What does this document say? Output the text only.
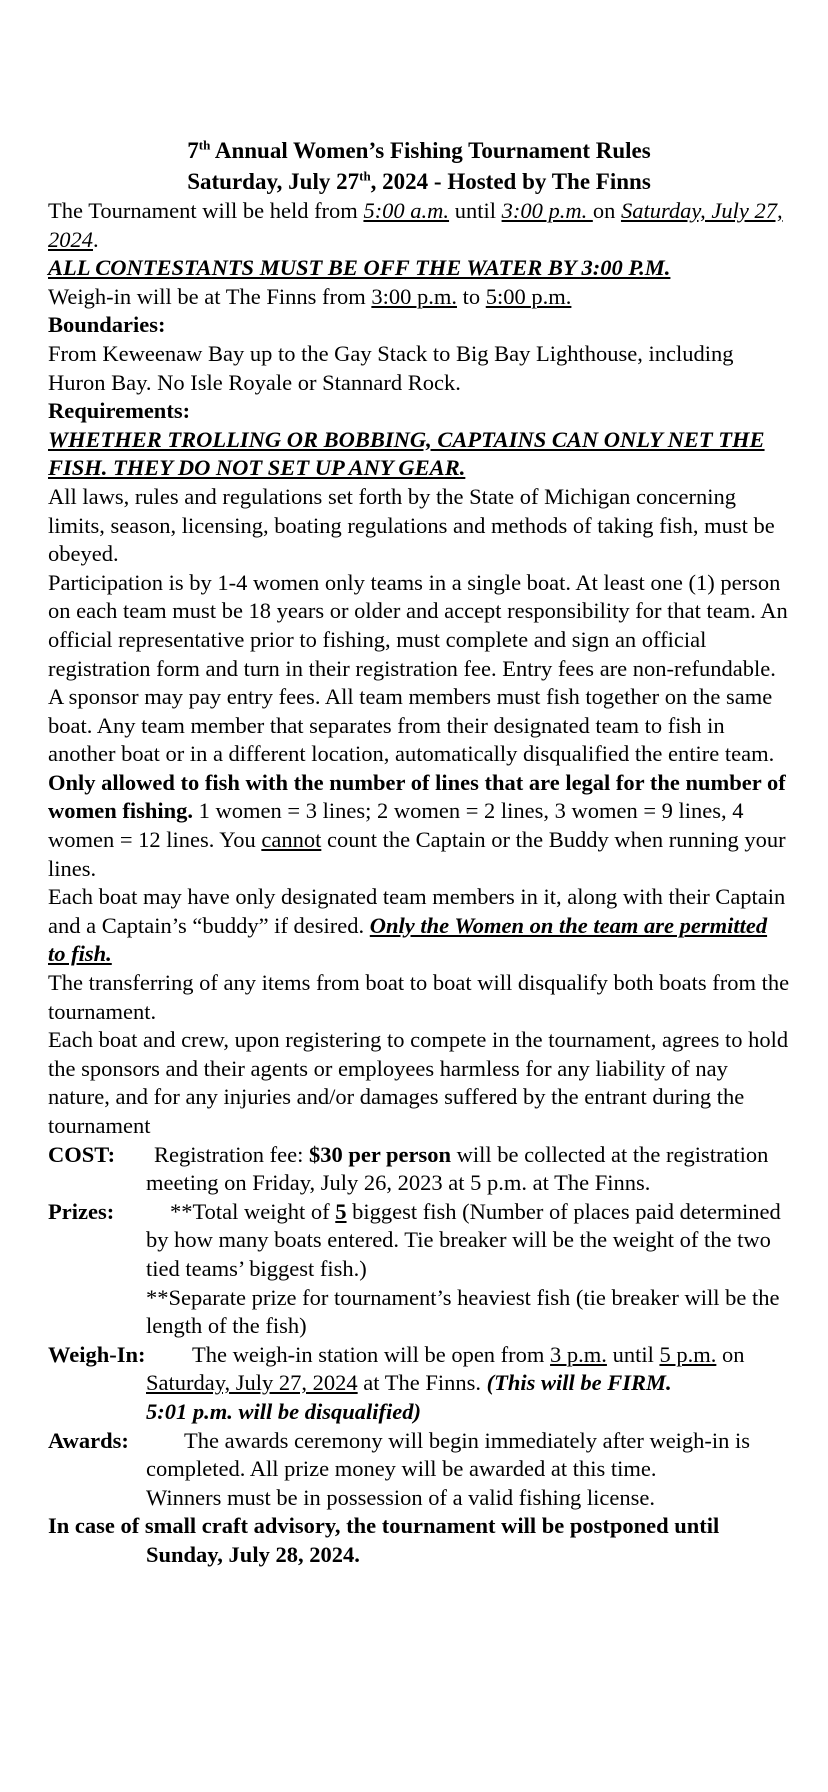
7th Annual Women’s Fishing Tournament Rules
Saturday, July 27th, 2024 - Hosted by The Finns

The Tournament will be held from 5:00 a.m. until 3:00 p.m. on Saturday, July 27, 2024.

ALL CONTESTANTS MUST BE OFF THE WATER BY 3:00 P.M.

Weigh-in will be at The Finns from 3:00 p.m. to 5:00 p.m.

Boundaries:

From Keweenaw Bay up to the Gay Stack to Big Bay Lighthouse, including Huron Bay. No Isle Royale or Stannard Rock.

Requirements:

WHETHER TROLLING OR BOBBING, CAPTAINS CAN ONLY NET THE FISH. THEY DO NOT SET UP ANY GEAR.

All laws, rules and regulations set forth by the State of Michigan concerning limits, season, licensing, boating regulations and methods of taking fish, must be obeyed.

Participation is by 1-4 women only teams in a single boat. At least one (1) person on each team must be 18 years or older and accept responsibility for that team. An official representative prior to fishing, must complete and sign an official registration form and turn in their registration fee. Entry fees are non-refundable. A sponsor may pay entry fees. All team members must fish together on the same boat. Any team member that separates from their designated team to fish in another boat or in a different location, automatically disqualified the entire team.

Only allowed to fish with the number of lines that are legal for the number of women fishing. 1 women = 3 lines; 2 women = 2 lines, 3 women = 9 lines, 4 women = 12 lines. You cannot count the Captain or the Buddy when running your lines.

Each boat may have only designated team members in it, along with their Captain and a Captain’s “buddy” if desired. Only the Women on the team are permitted to fish.

The transferring of any items from boat to boat will disqualify both boats from the tournament.

Each boat and crew, upon registering to compete in the tournament, agrees to hold the sponsors and their agents or employees harmless for any liability of nay nature, and for any injuries and/or damages suffered by the entrant during the tournament

COST: Registration fee: $30 per person will be collected at the registration meeting on Friday, July 26, 2023 at 5 p.m. at The Finns.

Prizes: **Total weight of 5 biggest fish (Number of places paid determined by how many boats entered. Tie breaker will be the weight of the two tied teams’ biggest fish.)

**Separate prize for tournament’s heaviest fish (tie breaker will be the length of the fish)

Weigh-In: The weigh-in station will be open from 3 p.m. until 5 p.m. on Saturday, July 27, 2024 at The Finns. (This will be FIRM.

5:01 p.m. will be disqualified)

Awards: The awards ceremony will begin immediately after weigh-in is completed. All prize money will be awarded at this time.

Winners must be in possession of a valid fishing license.

In case of small craft advisory, the tournament will be postponed until

Sunday, July 28, 2024.
